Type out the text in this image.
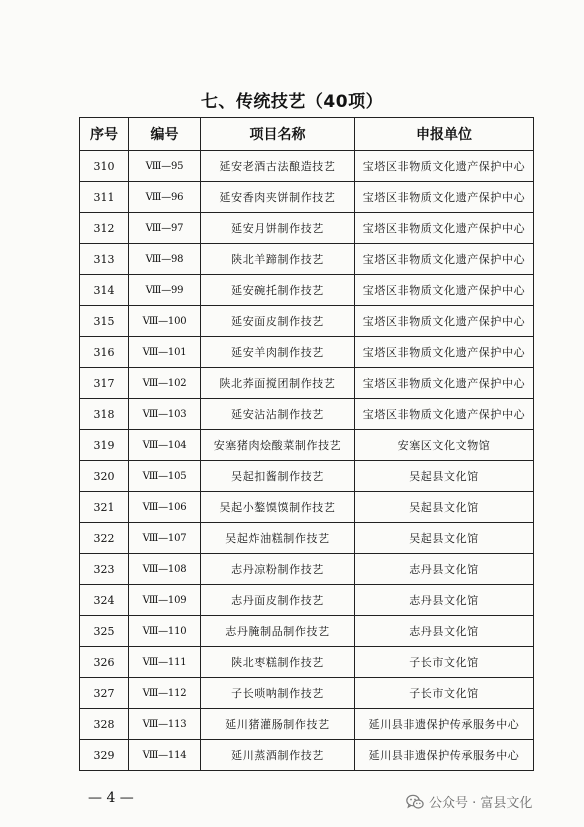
七、传统技艺（40项）
序号	编号	项目名称	申报单位
310	Ⅷ—95	延安老酒古法酿造技艺	宝塔区非物质文化遗产保护中心
311	Ⅷ—96	延安香肉夹饼制作技艺	宝塔区非物质文化遗产保护中心
312	Ⅷ—97	延安月饼制作技艺	宝塔区非物质文化遗产保护中心
313	Ⅷ—98	陕北羊蹄制作技艺	宝塔区非物质文化遗产保护中心
314	Ⅷ—99	延安碗托制作技艺	宝塔区非物质文化遗产保护中心
315	Ⅷ—100	延安面皮制作技艺	宝塔区非物质文化遗产保护中心
316	Ⅷ—101	延安羊肉制作技艺	宝塔区非物质文化遗产保护中心
317	Ⅷ—102	陕北荞面搅团制作技艺	宝塔区非物质文化遗产保护中心
318	Ⅷ—103	延安沾沾制作技艺	宝塔区非物质文化遗产保护中心
319	Ⅷ—104	安塞猪肉烩酸菜制作技艺	安塞区文化文物馆
320	Ⅷ—105	吴起扣酱制作技艺	吴起县文化馆
321	Ⅷ—106	吴起小鏊馍馍制作技艺	吴起县文化馆
322	Ⅷ—107	吴起炸油糕制作技艺	吴起县文化馆
323	Ⅷ—108	志丹凉粉制作技艺	志丹县文化馆
324	Ⅷ—109	志丹面皮制作技艺	志丹县文化馆
325	Ⅷ—110	志丹腌制品制作技艺	志丹县文化馆
326	Ⅷ—111	陕北枣糕制作技艺	子长市文化馆
327	Ⅷ—112	子长唢呐制作技艺	子长市文化馆
328	Ⅷ—113	延川猪灌肠制作技艺	延川县非遗保护传承服务中心
329	Ⅷ—114	延川蒸酒制作技艺	延川县非遗保护传承服务中心
— 4 —	公众号 · 富县文化
